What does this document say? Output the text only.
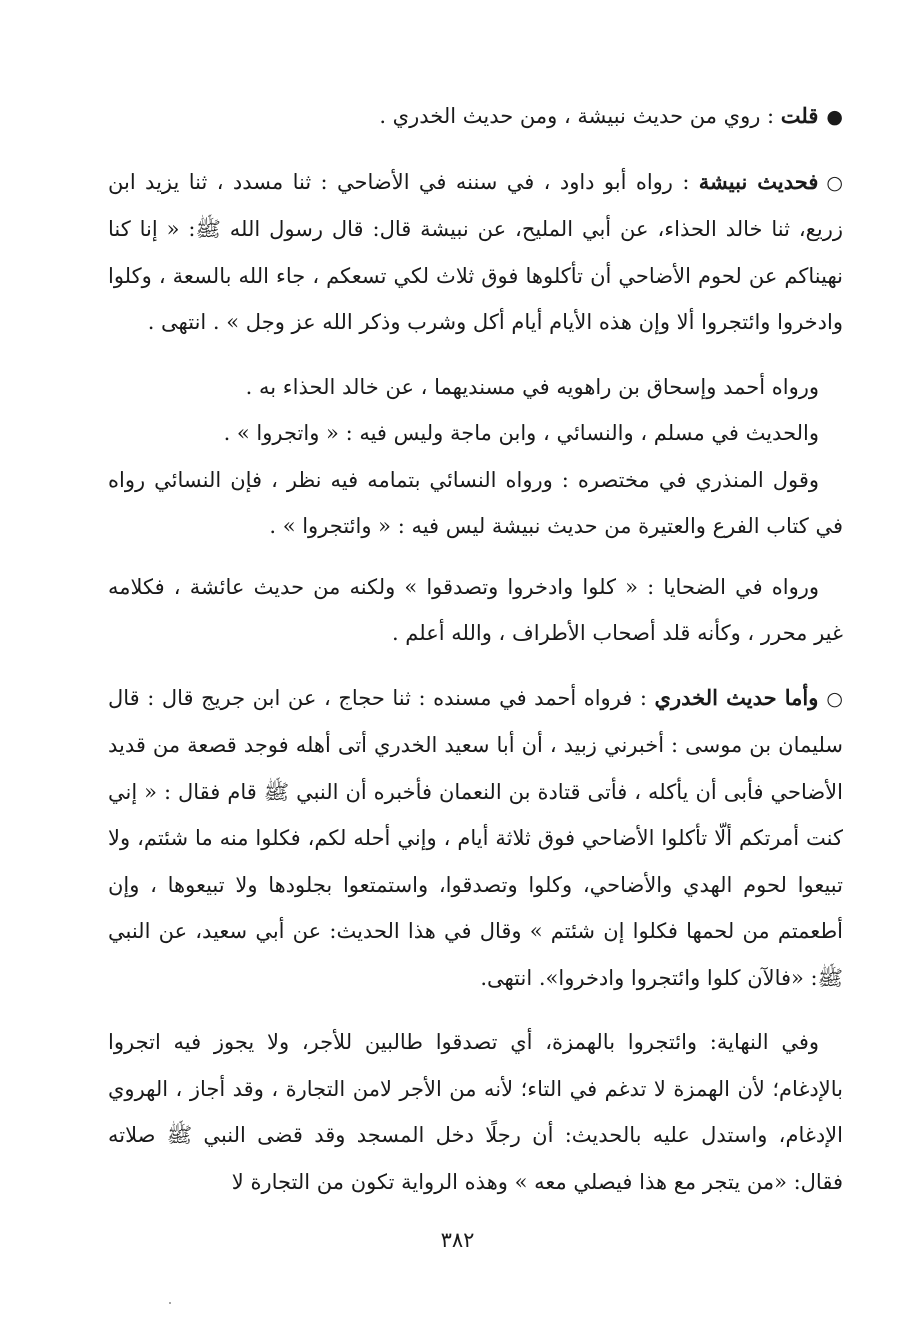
●قلت : روي من حديث نبيشة ، ومن حديث الخدري .

○فحديث نبيشة : رواه أبو داود ، في سننه في الأضاحي : ثنا مسدد ، ثنا يزيد ابن زريع، ثنا خالد الحذاء، عن أبي المليح، عن نبيشة قال: قال رسول الله ﷺ: « إنا كنا نهيناكم عن لحوم الأضاحي أن تأكلوها فوق ثلاث لكي تسعكم ، جاء الله بالسعة ، وكلوا وادخروا وائتجروا ألا وإن هذه الأيام أيام أكل وشرب وذكر الله عز وجل » . انتهى .

ورواه أحمد وإسحاق بن راهويه في مسنديهما ، عن خالد الحذاء به .

والحديث في مسلم ، والنسائي ، وابن ماجة وليس فيه : « واتجروا » .

وقول المنذري في مختصره : ورواه النسائي بتمامه فيه نظر ، فإن النسائي رواه في كتاب الفرع والعتيرة من حديث نبيشة ليس فيه : « وائتجروا » .

ورواه في الضحايا : « كلوا وادخروا وتصدقوا » ولكنه من حديث عائشة ، فكلامه غير محرر ، وكأنه قلد أصحاب الأطراف ، والله أعلم .

○وأما حديث الخدري : فرواه أحمد في مسنده : ثنا حجاج ، عن ابن جريج قال : قال سليمان بن موسى : أخبرني زبيد ، أن أبا سعيد الخدري أتى أهله فوجد قصعة من قديد الأضاحي فأبى أن يأكله ، فأتى قتادة بن النعمان فأخبره أن النبي ﷺ قام فقال : « إني كنت أمرتكم ألّا تأكلوا الأضاحي فوق ثلاثة أيام ، وإني أحله لكم، فكلوا منه ما شئتم، ولا تبيعوا لحوم الهدي والأضاحي، وكلوا وتصدقوا، واستمتعوا بجلودها ولا تبيعوها ، وإن أطعمتم من لحمها فكلوا إن شئتم » وقال في هذا الحديث: عن أبي سعيد، عن النبي ﷺ: «فالآن كلوا وائتجروا وادخروا». انتهى.

وفي النهاية: وائتجروا بالهمزة، أي تصدقوا طالبين للأجر، ولا يجوز فيه اتجروا بالإدغام؛ لأن الهمزة لا تدغم في التاء؛ لأنه من الأجر لامن التجارة ، وقد أجاز ، الهروي الإدغام، واستدل عليه بالحديث: أن رجلًا دخل المسجد وقد قضى النبي ﷺ صلاته فقال: «من يتجر مع هذا فيصلي معه » وهذه الرواية تكون من التجارة لا

٣٨٢
